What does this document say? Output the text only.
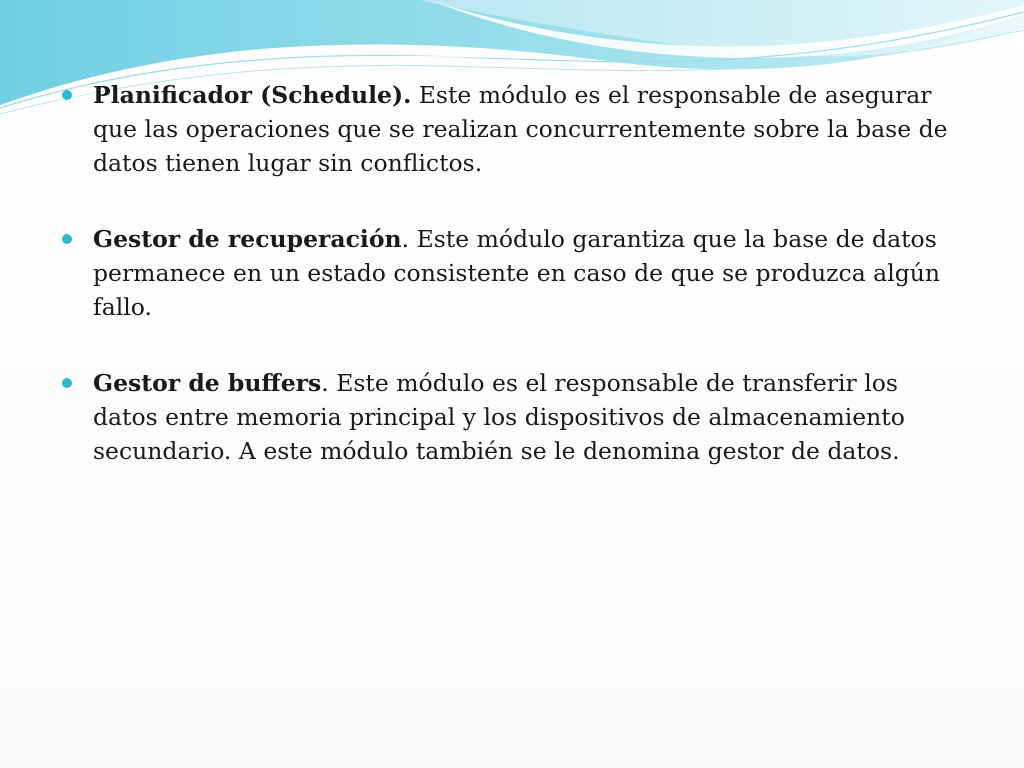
Planificador (Schedule). Este módulo es el responsable de asegurar que las operaciones que se realizan concurrentemente sobre la base de datos tienen lugar sin conflictos.
Gestor de recuperación. Este módulo garantiza que la base de datos permanece en un estado consistente en caso de que se produzca algún fallo.
Gestor de buffers. Este módulo es el responsable de transferir los datos entre memoria principal y los dispositivos de almacenamiento secundario. A este módulo también se le denomina gestor de datos.
